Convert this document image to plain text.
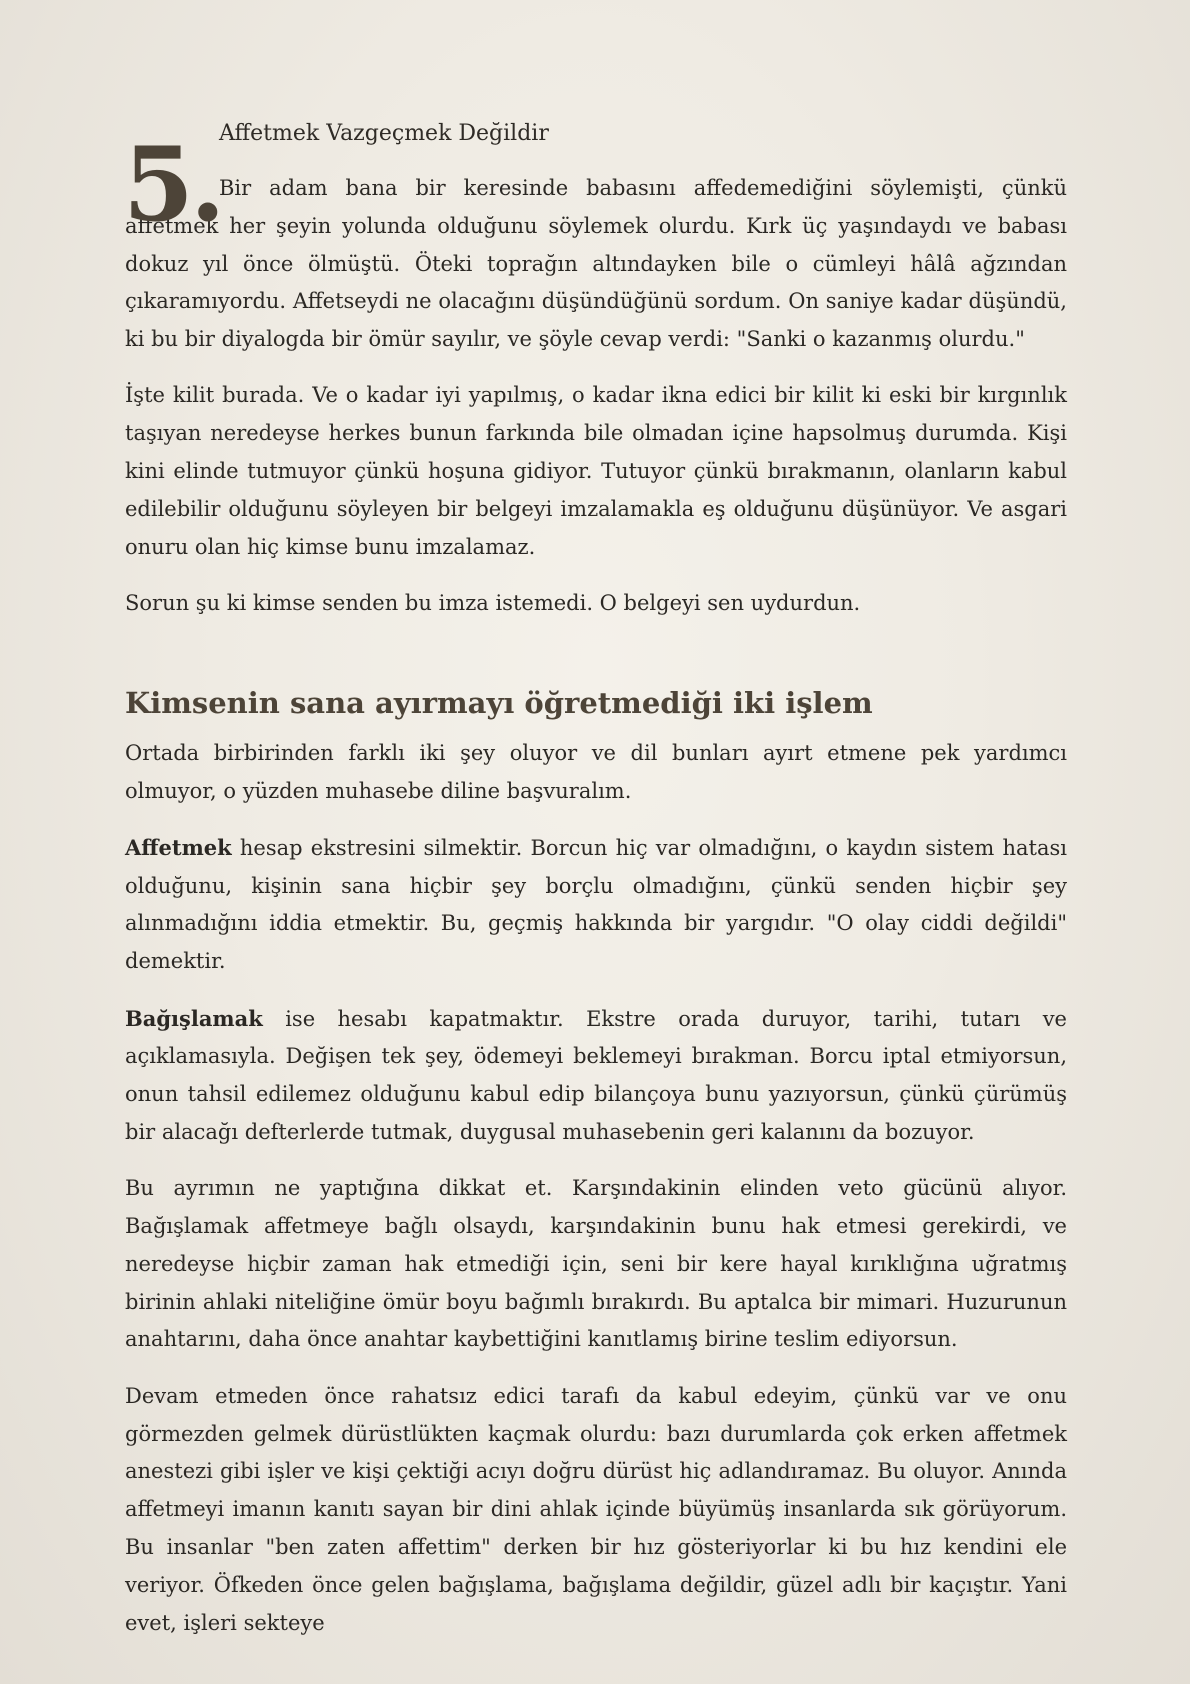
5.
Affetmek Vazgeçmek Değildir

Bir adam bana bir keresinde babasını affedemediğini söylemişti, çünkü affetmek her şeyin yolunda olduğunu söylemek olurdu. Kırk üç yaşındaydı ve babası dokuz yıl önce ölmüştü. Öteki toprağın altındayken bile o cümleyi hâlâ ağzından çıkaramıyordu. Affetseydi ne olacağını düşündüğünü sordum. On saniye kadar düşündü, ki bu bir diyalogda bir ömür sayılır, ve şöyle cevap verdi: "Sanki o kazanmış olurdu."

İşte kilit burada. Ve o kadar iyi yapılmış, o kadar ikna edici bir kilit ki eski bir kırgınlık taşıyan neredeyse herkes bunun farkında bile olmadan içine hapsolmuş durumda. Kişi kini elinde tutmuyor çünkü hoşuna gidiyor. Tutuyor çünkü bırakmanın, olanların kabul edilebilir olduğunu söyleyen bir belgeyi imzalamakla eş olduğunu düşünüyor. Ve asgari onuru olan hiç kimse bunu imzalamaz.

Sorun şu ki kimse senden bu imza istemedi. O belgeyi sen uydurdun.

Kimsenin sana ayırmayı öğretmediği iki işlem

Ortada birbirinden farklı iki şey oluyor ve dil bunları ayırt etmene pek yardımcı olmuyor, o yüzden muhasebe diline başvuralım.

Affetmek hesap ekstresini silmektir. Borcun hiç var olmadığını, o kaydın sistem hatası olduğunu, kişinin sana hiçbir şey borçlu olmadığını, çünkü senden hiçbir şey alınmadığını iddia etmektir. Bu, geçmiş hakkında bir yargıdır. "O olay ciddi değildi" demektir.

Bağışlamak ise hesabı kapatmaktır. Ekstre orada duruyor, tarihi, tutarı ve açıklamasıyla. Değişen tek şey, ödemeyi beklemeyi bırakman. Borcu iptal etmiyorsun, onun tahsil edilemez olduğunu kabul edip bilançoya bunu yazıyorsun, çünkü çürümüş bir alacağı defterlerde tutmak, duygusal muhasebenin geri kalanını da bozuyor.

Bu ayrımın ne yaptığına dikkat et. Karşındakinin elinden veto gücünü alıyor. Bağışlamak affetmeye bağlı olsaydı, karşındakinin bunu hak etmesi gerekirdi, ve neredeyse hiçbir zaman hak etmediği için, seni bir kere hayal kırıklığına uğratmış birinin ahlaki niteliğine ömür boyu bağımlı bırakırdı. Bu aptalca bir mimari. Huzurunun anahtarını, daha önce anahtar kaybettiğini kanıtlamış birine teslim ediyorsun.

Devam etmeden önce rahatsız edici tarafı da kabul edeyim, çünkü var ve onu görmezden gelmek dürüstlükten kaçmak olurdu: bazı durumlarda çok erken affetmek anestezi gibi işler ve kişi çektiği acıyı doğru dürüst hiç adlandıramaz. Bu oluyor. Anında affetmeyi imanın kanıtı sayan bir dini ahlak içinde büyümüş insanlarda sık görüyorum. Bu insanlar "ben zaten affettim" derken bir hız gösteriyorlar ki bu hız kendini ele veriyor. Öfkeden önce gelen bağışlama, bağışlama değildir, güzel adlı bir kaçıştır. Yani evet, işleri sekteye
